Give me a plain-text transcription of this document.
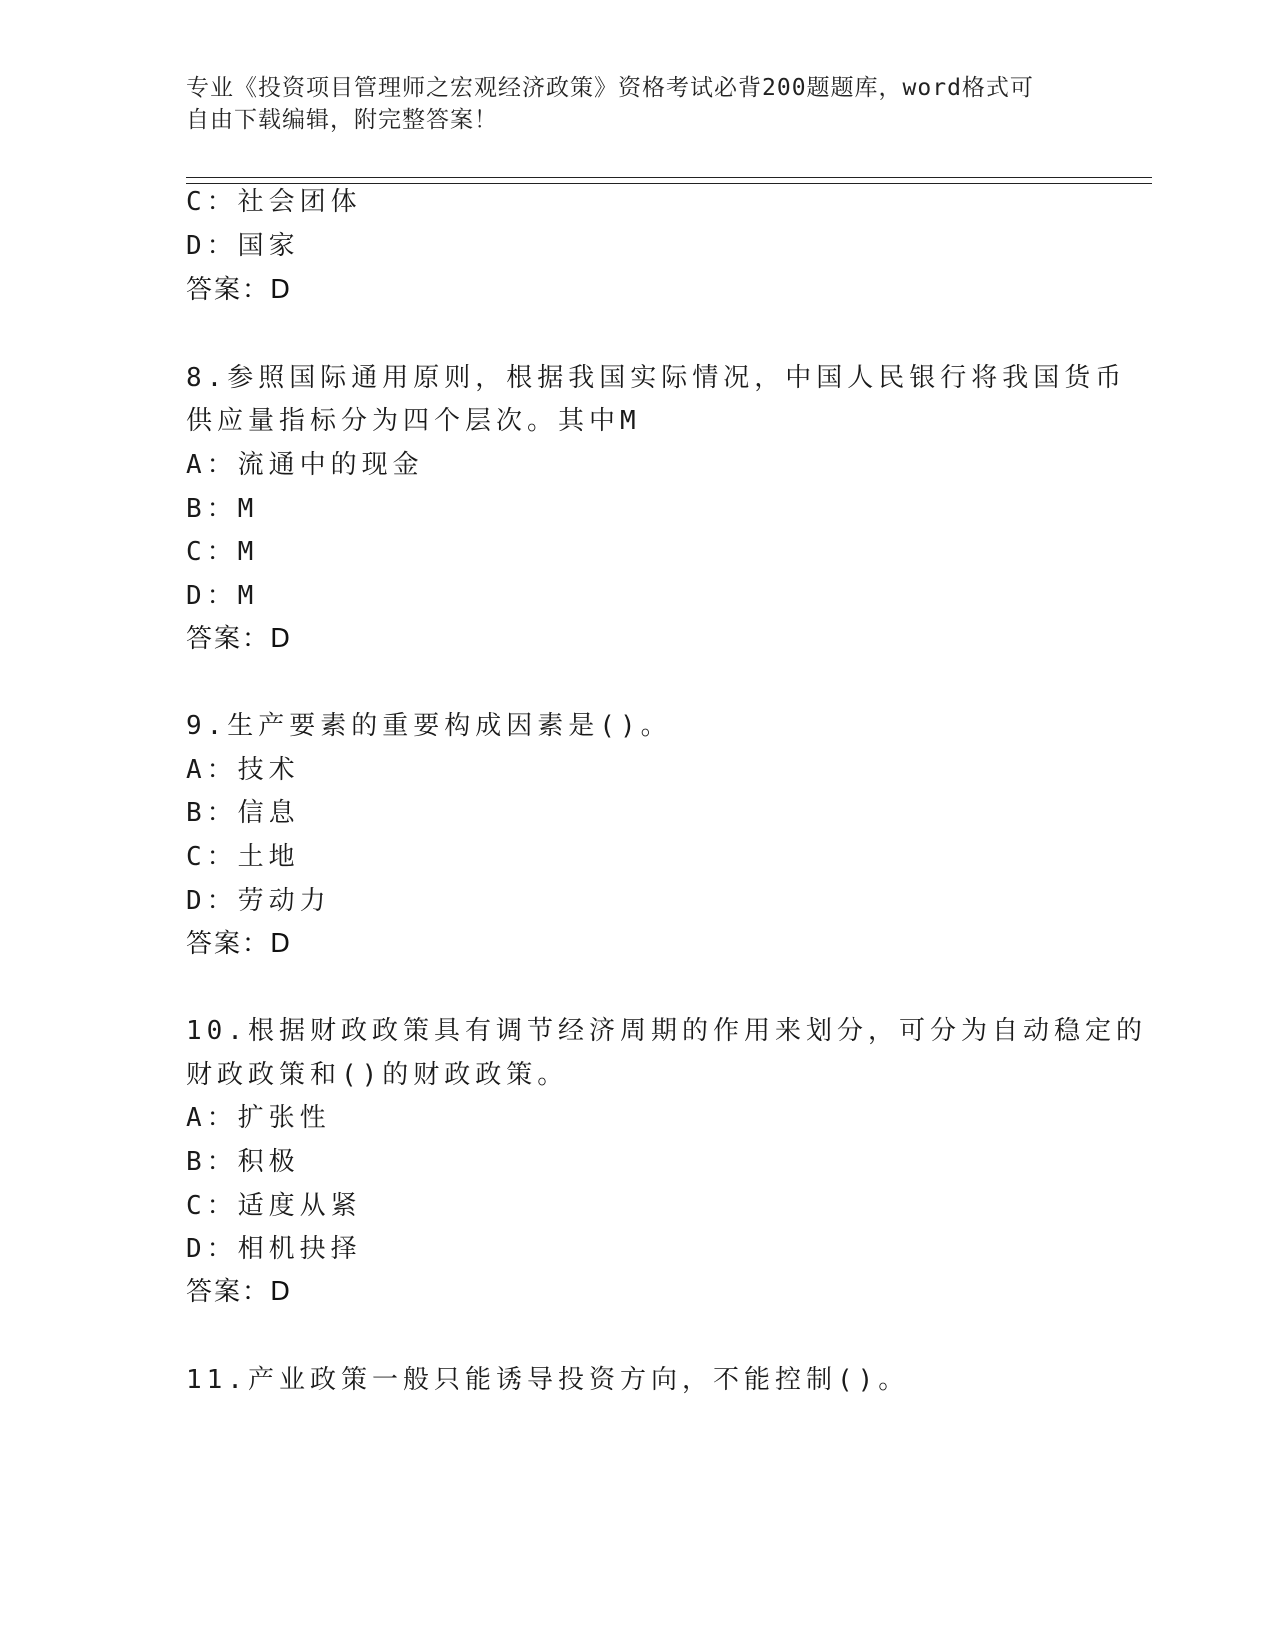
专业《投资项目管理师之宏观经济政策》资格考试必背200题题库，word格式可
自由下载编辑，附完整答案！
C：社会团体
D：国家
答案：D
8.参照国际通用原则，根据我国实际情况，中国人民银行将我国货币
供应量指标分为四个层次。其中M
A：流通中的现金
B：M
C：M
D：M
答案：D
9.生产要素的重要构成因素是()。
A：技术
B：信息
C：土地
D：劳动力
答案：D
10.根据财政政策具有调节经济周期的作用来划分，可分为自动稳定的
财政政策和()的财政政策。
A：扩张性
B：积极
C：适度从紧
D：相机抉择
答案：D
11.产业政策一般只能诱导投资方向，不能控制()。
